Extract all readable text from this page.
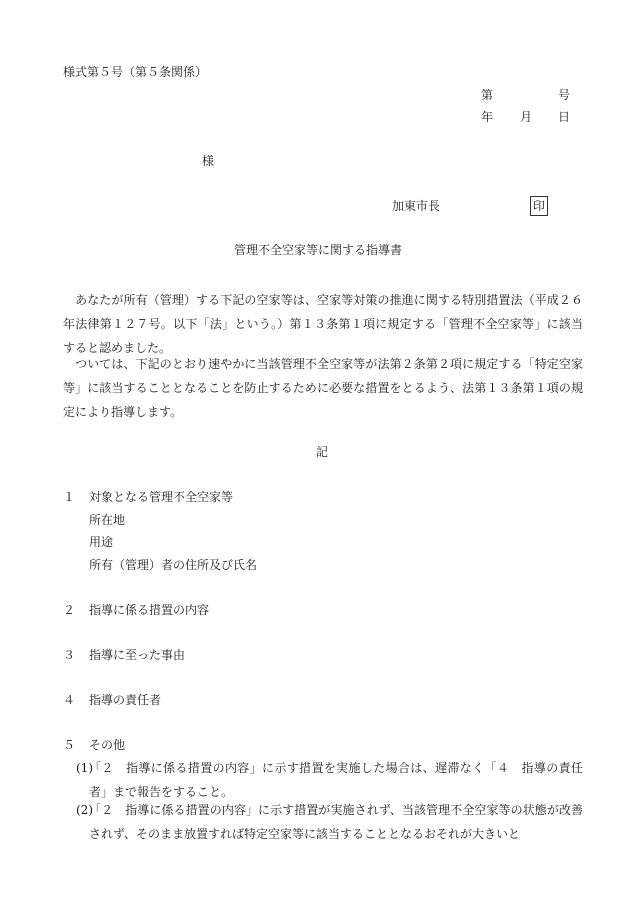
様式第５号（第５条関係）
第	号
年 月 日
様
加東市長	印
管理不全空家等に関する指導書
　あなたが所有（管理）する下記の空家等は、空家等対策の推進に関する特別措置法（平成２６年法律第１２７号。以下「法」という。）第１３条第１項に規定する「管理不全空家等」に該当すると認めました。
　ついては、下記のとおり速やかに当該管理不全空家等が法第２条第２項に規定する「特定空家等」に該当することとなることを防止するために必要な措置をとるよう、法第１３条第１項の規定により指導します。
記
１ 対象となる管理不全空家等
所在地
用途
所有（管理）者の住所及び氏名
２ 指導に係る措置の内容
３ 指導に至った事由
４ 指導の責任者
５ その他
(1)
「２　指導に係る措置の内容」に示す措置を実施した場合は、遅滞なく「４　指導の責任者」まで報告をすること。
(2)
「２　指導に係る措置の内容」に示す措置が実施されず、当該管理不全空家等の状態が改善されず、そのまま放置すれば特定空家等に該当することとなるおそれが大きいと
